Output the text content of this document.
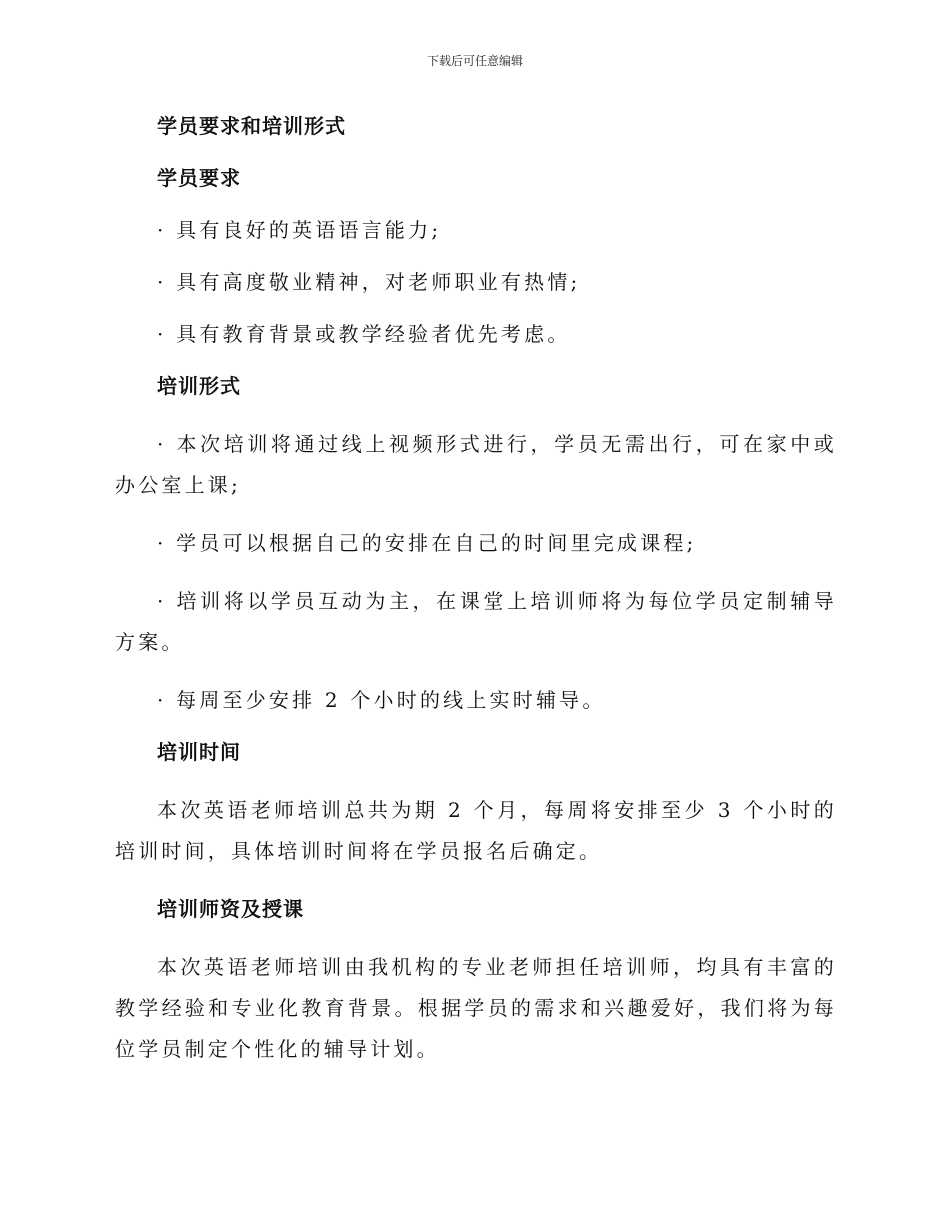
下载后可任意编辑
学员要求和培训形式
学员要求

· 具有良好的英语语言能力;

· 具有高度敬业精神，对老师职业有热情;

· 具有教育背景或教学经验者优先考虑。

培训形式

· 本次培训将通过线上视频形式进行，学员无需出行，可在家中或办公室上课;

· 学员可以根据自己的安排在自己的时间里完成课程;

· 培训将以学员互动为主，在课堂上培训师将为每位学员定制辅导方案。

· 每周至少安排 2 个小时的线上实时辅导。

培训时间

本次英语老师培训总共为期 2 个月，每周将安排至少 3 个小时的培训时间，具体培训时间将在学员报名后确定。

培训师资及授课

本次英语老师培训由我机构的专业老师担任培训师，均具有丰富的教学经验和专业化教育背景。根据学员的需求和兴趣爱好，我们将为每位学员制定个性化的辅导计划。
